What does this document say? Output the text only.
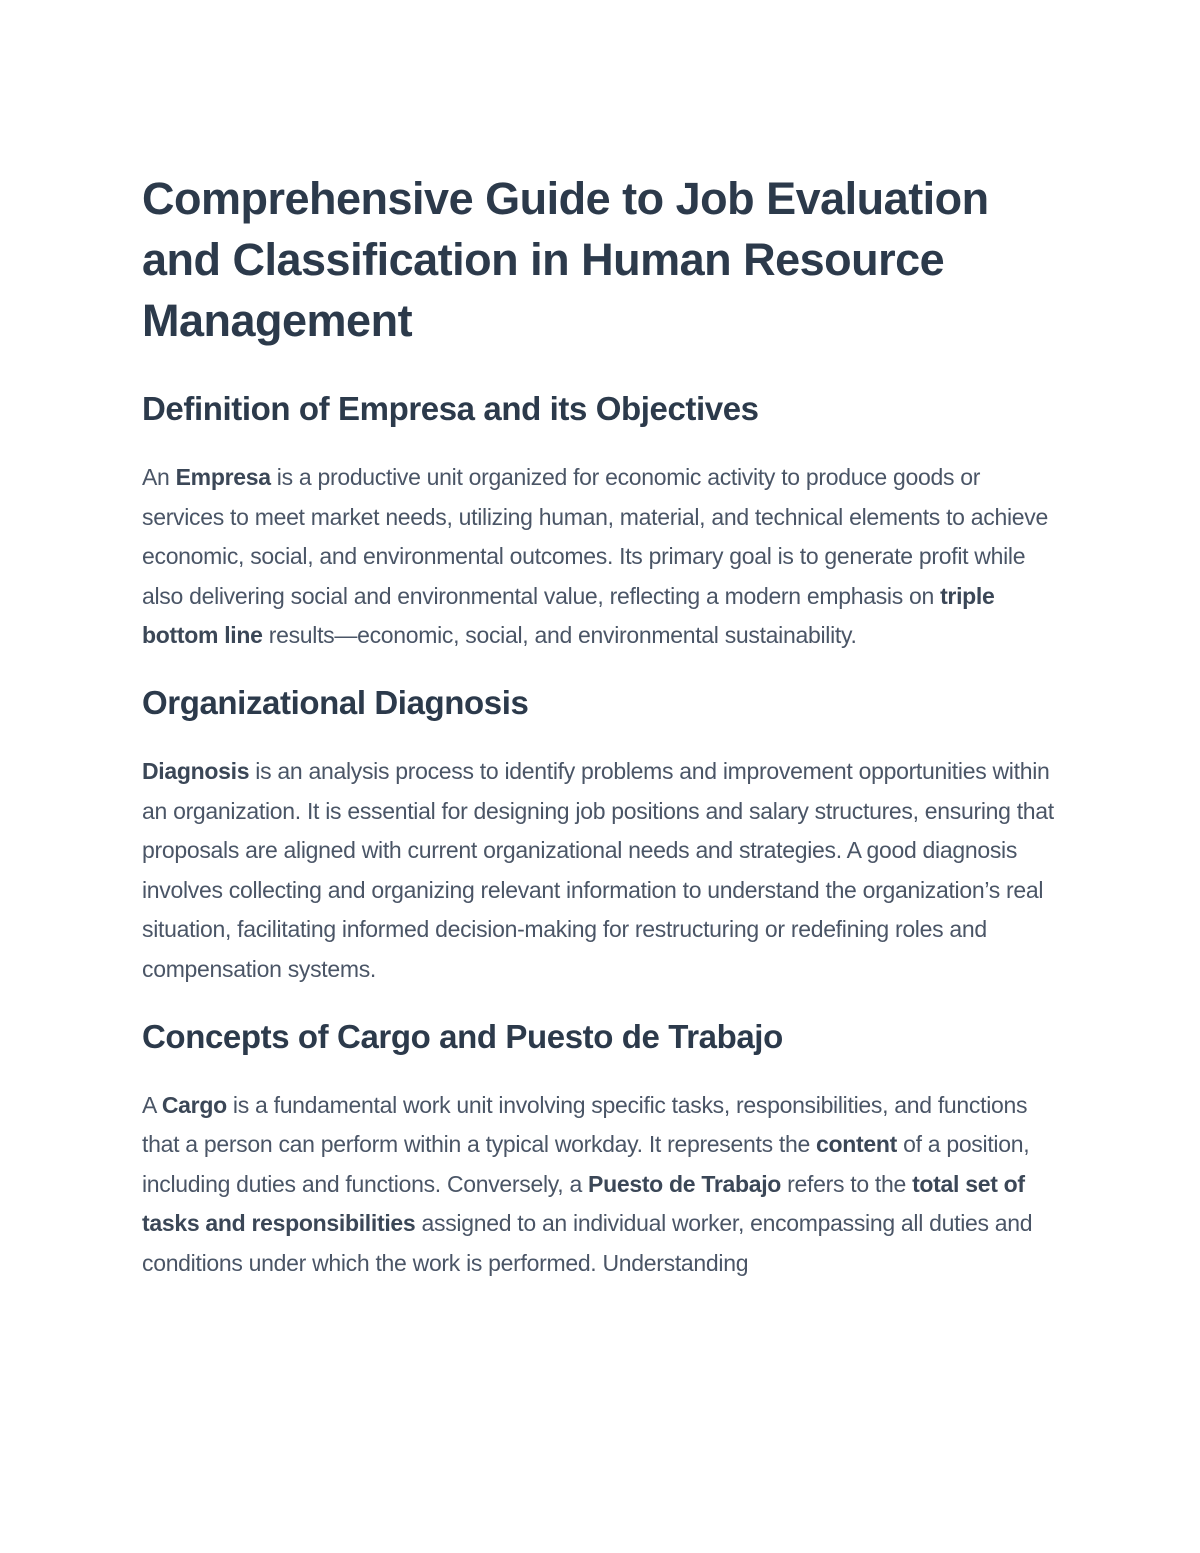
Comprehensive Guide to Job Evaluation and Classification in Human Resource Management
Definition of Empresa and its Objectives

An Empresa is a productive unit organized for economic activity to produce goods or services to meet market needs, utilizing human, material, and technical elements to achieve economic, social, and environmental outcomes. Its primary goal is to generate profit while also delivering social and environmental value, reflecting a modern emphasis on triple bottom line results—economic, social, and environmental sustainability.

Organizational Diagnosis

Diagnosis is an analysis process to identify problems and improvement opportunities within an organization. It is essential for designing job positions and salary structures, ensuring that proposals are aligned with current organizational needs and strategies. A good diagnosis involves collecting and organizing relevant information to understand the organization’s real situation, facilitating informed decision-making for restructuring or redefining roles and compensation systems.

Concepts of Cargo and Puesto de Trabajo

A Cargo is a fundamental work unit involving specific tasks, responsibilities, and functions that a person can perform within a typical workday. It represents the content of a position, including duties and functions. Conversely, a Puesto de Trabajo refers to the total set of tasks and responsibilities assigned to an individual worker, encompassing all duties and conditions under which the work is performed. Understanding
